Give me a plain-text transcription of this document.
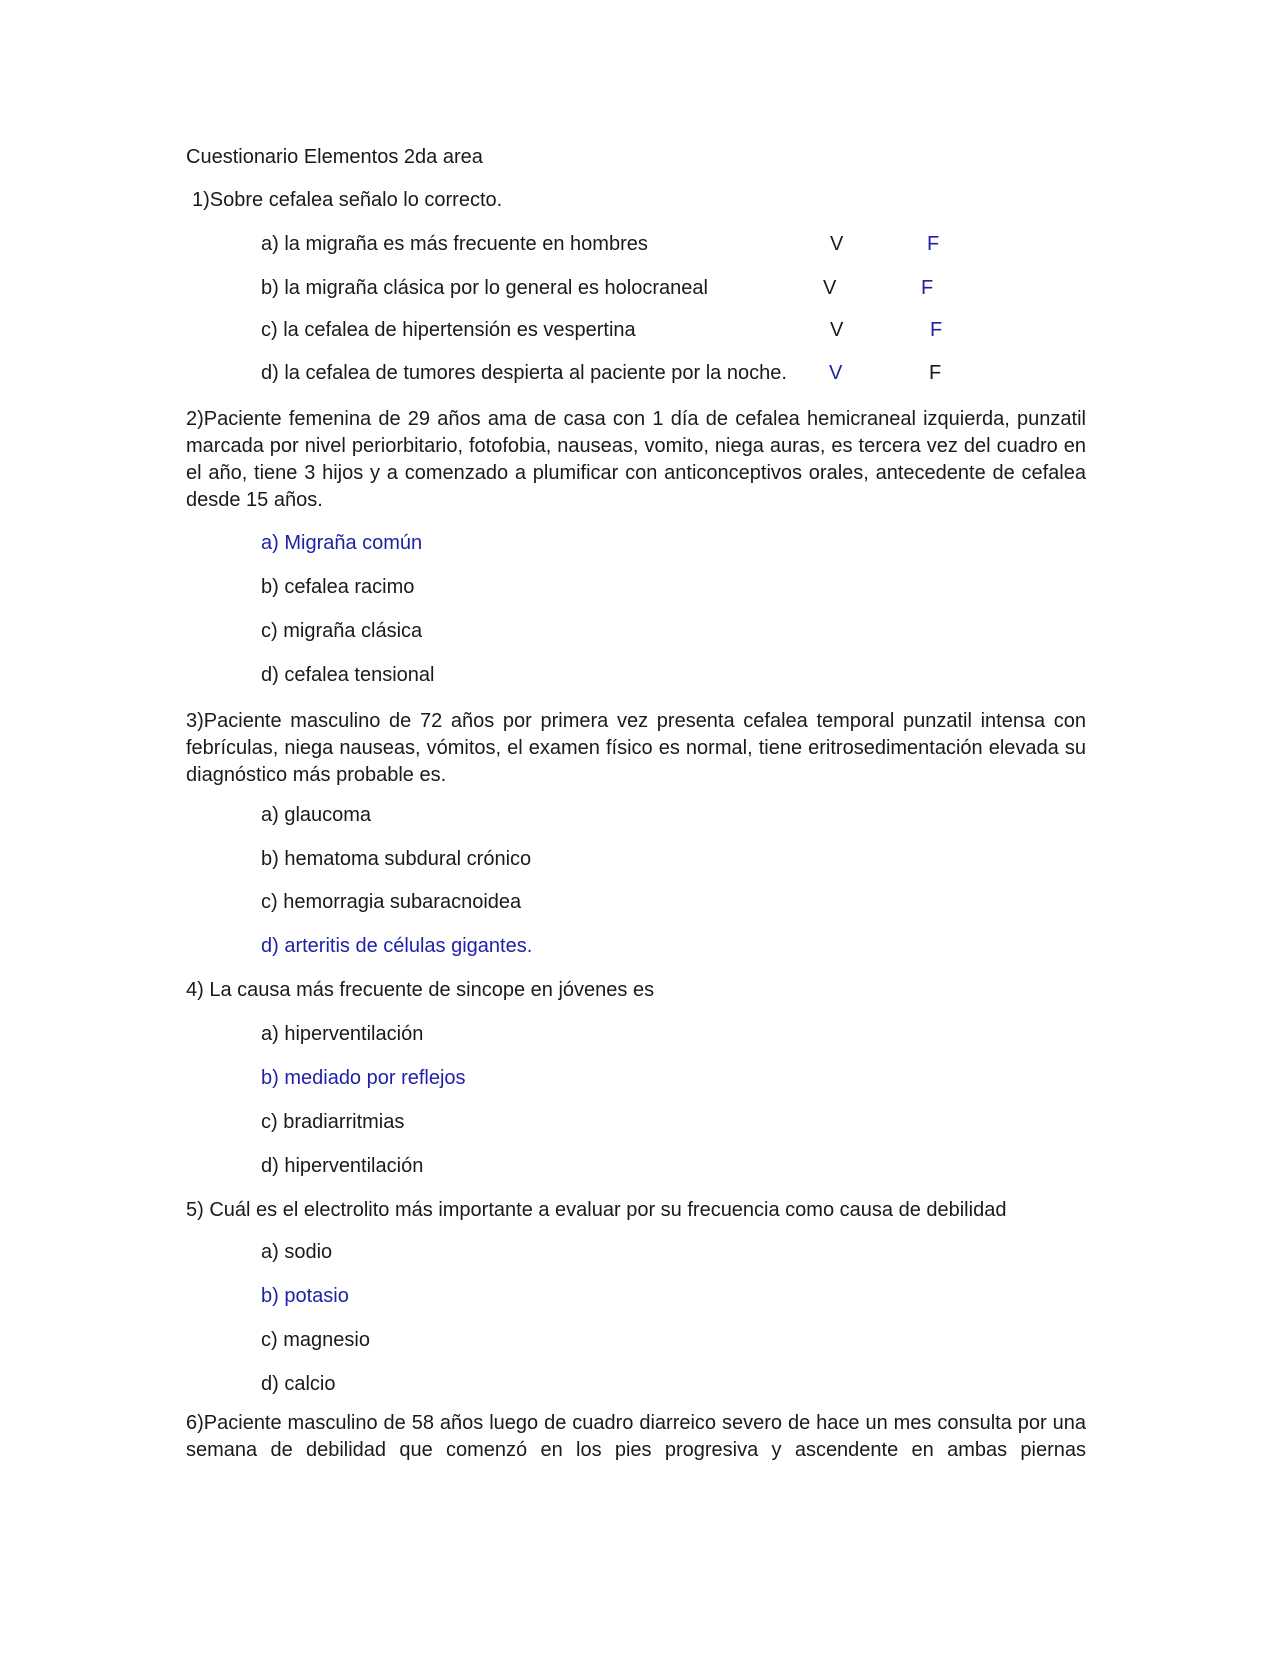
Cuestionario Elementos 2da area
1)Sobre cefalea señalo lo correcto.
a) la migraña es más frecuente en hombres	V	F
b) la migraña clásica por lo general es holocraneal	V	F
c) la cefalea de hipertensión es vespertina	V	F
d) la cefalea de tumores despierta al paciente por la noche. V	F
2)Paciente femenina de 29 años ama de casa con 1 día de cefalea hemicraneal izquierda, punzatil marcada por nivel periorbitario, fotofobia, nauseas, vomito, niega auras, es tercera vez del cuadro en el año, tiene 3 hijos y a comenzado a plumificar con anticonceptivos orales, antecedente de cefalea desde 15 años.
a) Migraña común
b) cefalea racimo
c) migraña clásica
d) cefalea tensional
3)Paciente masculino de 72 años por primera vez presenta cefalea temporal punzatil intensa con febrículas, niega nauseas, vómitos, el examen físico es normal, tiene eritrosedimentación elevada su diagnóstico más probable es.
a) glaucoma
b) hematoma subdural crónico
c) hemorragia subaracnoidea
d) arteritis de células gigantes.
4) La causa más frecuente de sincope en jóvenes es
a) hiperventilación
b) mediado por reflejos
c) bradiarritmias
d) hiperventilación
5) Cuál es el electrolito más importante a evaluar por su frecuencia como causa de debilidad
a) sodio
b) potasio
c) magnesio
d) calcio
6)Paciente masculino de 58 años luego de cuadro diarreico severo de hace un mes consulta por una semana de debilidad que comenzó en los pies progresiva y ascendente en ambas piernas
